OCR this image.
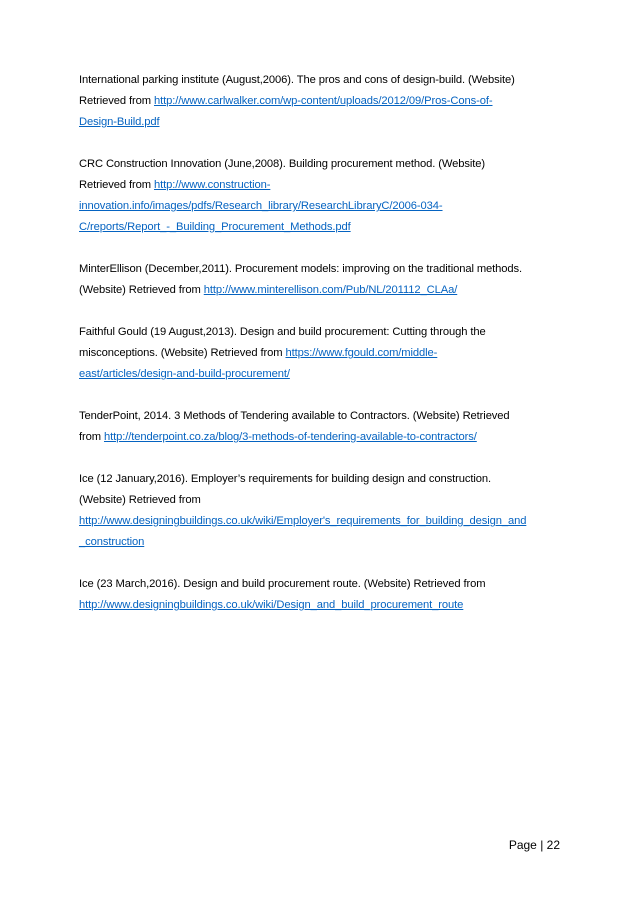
International parking institute (August,2006). The pros and cons of design-build. (Website)
Retrieved from http://www.carlwalker.com/wp-content/uploads/2012/09/Pros-Cons-of-
Design-Build.pdf
CRC Construction Innovation (June,2008). Building procurement method. (Website)
Retrieved from http://www.construction-
innovation.info/images/pdfs/Research_library/ResearchLibraryC/2006-034-
C/reports/Report_-_Building_Procurement_Methods.pdf
MinterEllison (December,2011). Procurement models: improving on the traditional methods.
(Website) Retrieved from http://www.minterellison.com/Pub/NL/201112_CLAa/
Faithful Gould (19 August,2013). Design and build procurement: Cutting through the
misconceptions. (Website) Retrieved from https://www.fgould.com/middle-
east/articles/design-and-build-procurement/
TenderPoint, 2014. 3 Methods of Tendering available to Contractors. (Website) Retrieved
from http://tenderpoint.co.za/blog/3-methods-of-tendering-available-to-contractors/
Ice (12 January,2016). Employer’s requirements for building design and construction.
(Website) Retrieved from
http://www.designingbuildings.co.uk/wiki/Employer's_requirements_for_building_design_and
_construction
Ice (23 March,2016). Design and build procurement route. (Website) Retrieved from
http://www.designingbuildings.co.uk/wiki/Design_and_build_procurement_route
Page | 22
